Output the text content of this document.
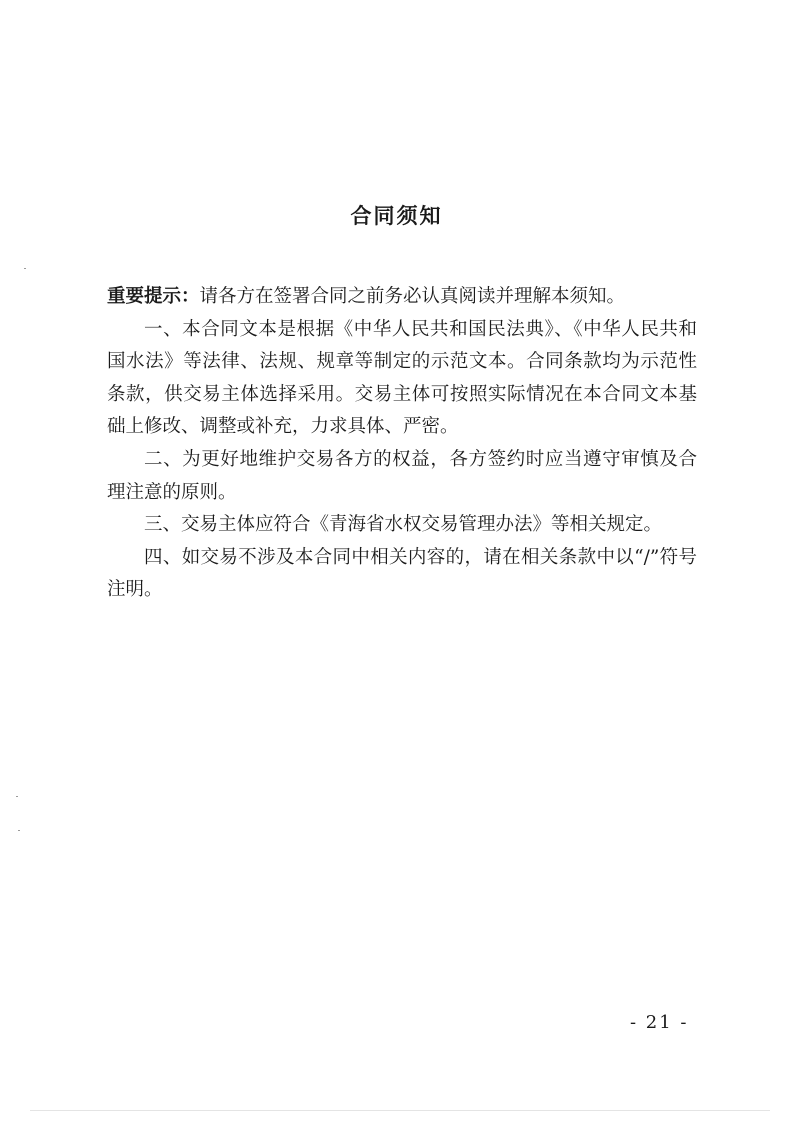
合同须知

重要提示：请各方在签署合同之前务必认真阅读并理解本须知。

一、本合同文本是根据《中华人民共和国民法典》、《中华人民共和国水法》等法律、法规、规章等制定的示范文本。合同条款均为示范性条款，供交易主体选择采用。交易主体可按照实际情况在本合同文本基础上修改、调整或补充，力求具体、严密。

二、为更好地维护交易各方的权益，各方签约时应当遵守审慎及合理注意的原则。

三、交易主体应符合《青海省水权交易管理办法》等相关规定。

四、如交易不涉及本合同中相关内容的，请在相关条款中以“/”符号注明。

- 21 -
